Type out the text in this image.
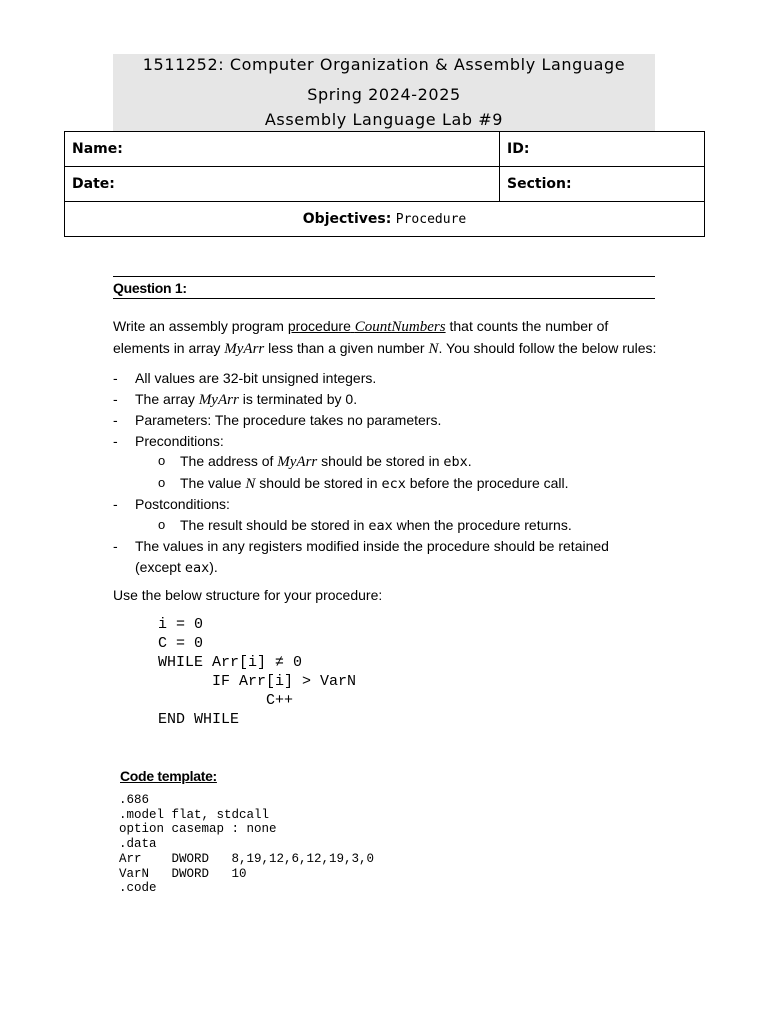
1511252: Computer Organization & Assembly Language
Spring 2024-2025
Assembly Language Lab #9
Name:	ID:
Date:	Section:
Objectives: Procedure	
Question 1:
Write an assembly program procedure CountNumbers that counts the number of elements in array MyArr less than a given number N. You should follow the below rules:
- All values are 32-bit unsigned integers.
- The array MyArr is terminated by 0.
- Parameters: The procedure takes no parameters.
- Preconditions:
o The address of MyArr should be stored in ebx.
o The value N should be stored in ecx before the procedure call.
- Postconditions:
o The result should be stored in eax when the procedure returns.
- The values in any registers modified inside the procedure should be retained (except eax).
Use the below structure for your procedure:
i = 0
C = 0
WHILE Arr[i] ≠ 0
IF Arr[i] > VarN
C++
END WHILE
Code template:
.686
.model flat, stdcall
option casemap : none
.data
Arr    DWORD   8,19,12,6,12,19,3,0
VarN   DWORD   10
.code
